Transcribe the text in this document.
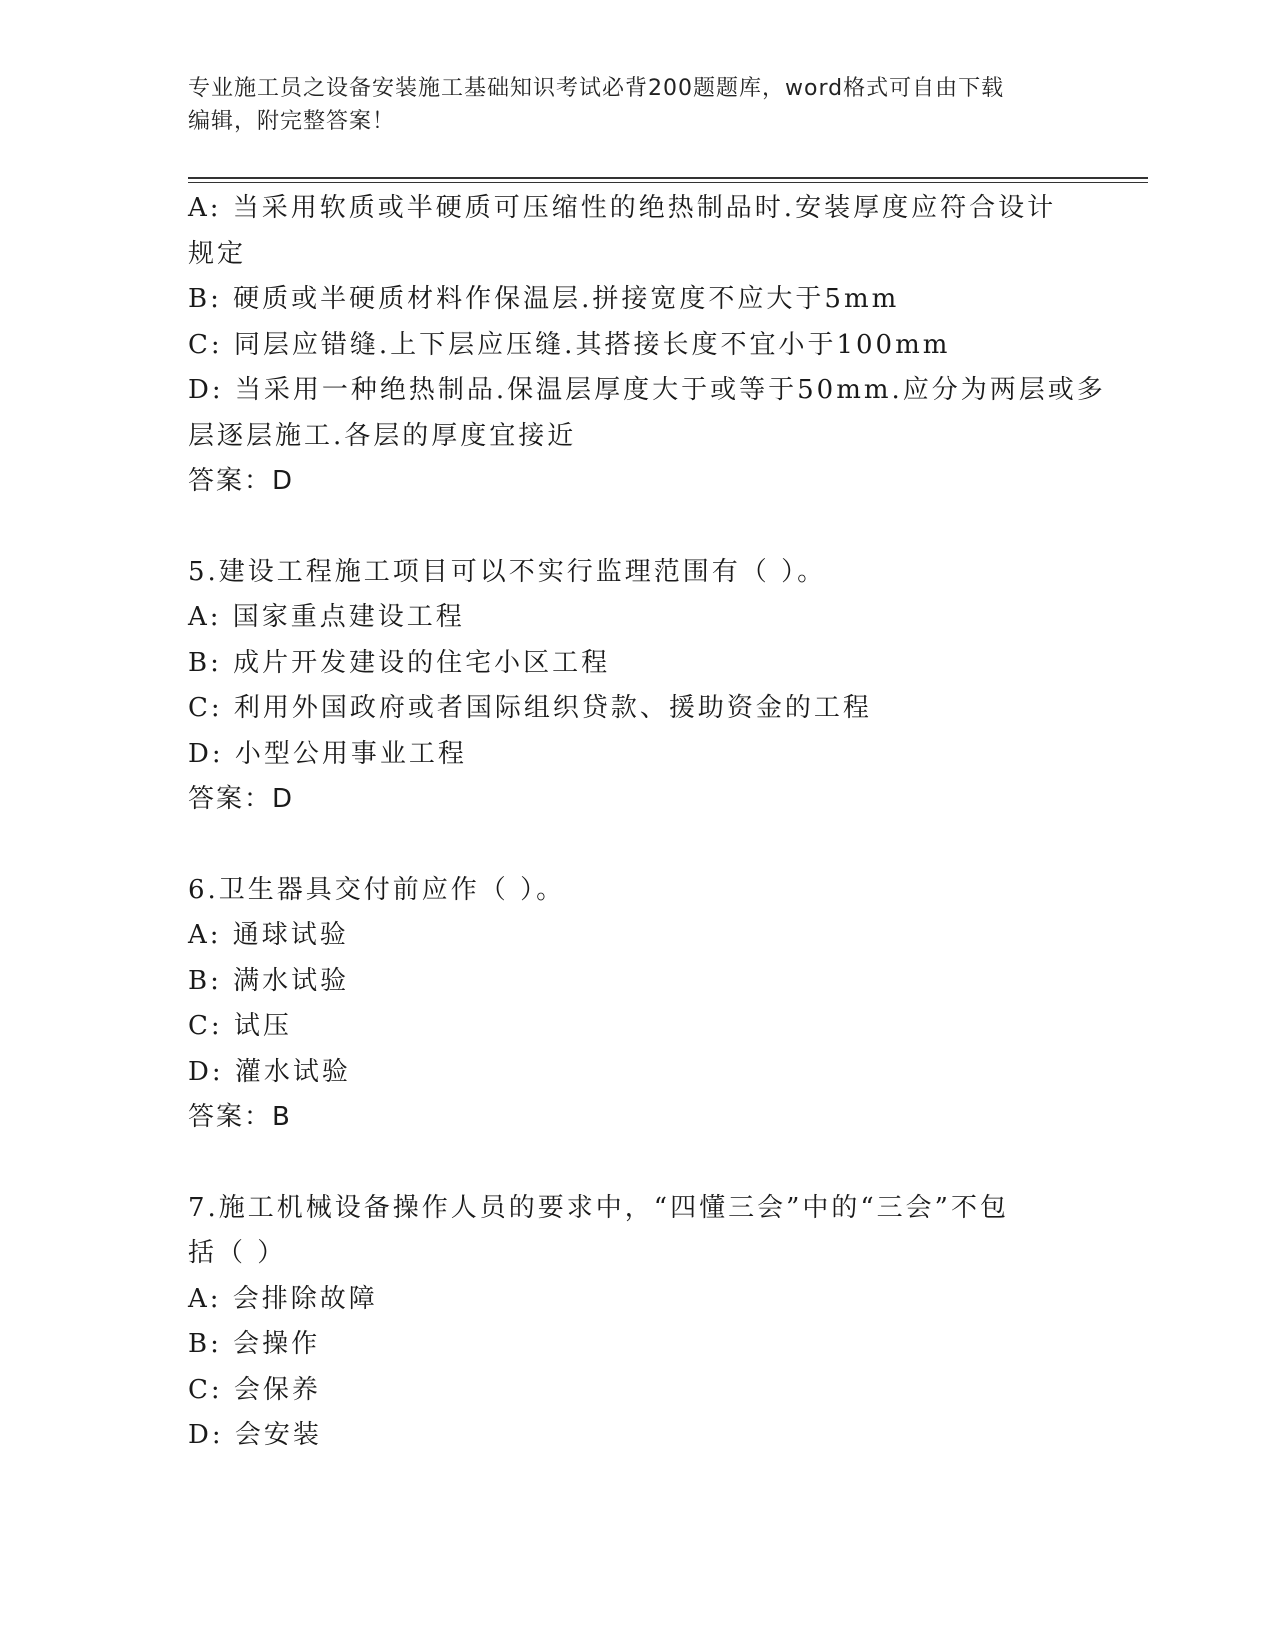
专业施工员之设备安装施工基础知识考试必背200题题库，word格式可自由下载
编辑，附完整答案！
A: 当采用软质或半硬质可压缩性的绝热制品时.安装厚度应符合设计
规定
B: 硬质或半硬质材料作保温层.拼接宽度不应大于5mm
C: 同层应错缝.上下层应压缝.其搭接长度不宜小于100mm
D: 当采用一种绝热制品.保温层厚度大于或等于50mm.应分为两层或多
层逐层施工.各层的厚度宜接近
答案：D
5.建设工程施工项目可以不实行监理范围有（ ）。
A: 国家重点建设工程
B: 成片开发建设的住宅小区工程
C: 利用外国政府或者国际组织贷款、援助资金的工程
D: 小型公用事业工程
答案：D
6.卫生器具交付前应作（ ）。
A: 通球试验
B: 满水试验
C: 试压
D: 灌水试验
答案：B
7.施工机械设备操作人员的要求中，“四懂三会”中的“三会”不包
括（ ）
A: 会排除故障
B: 会操作
C: 会保养
D: 会安装
